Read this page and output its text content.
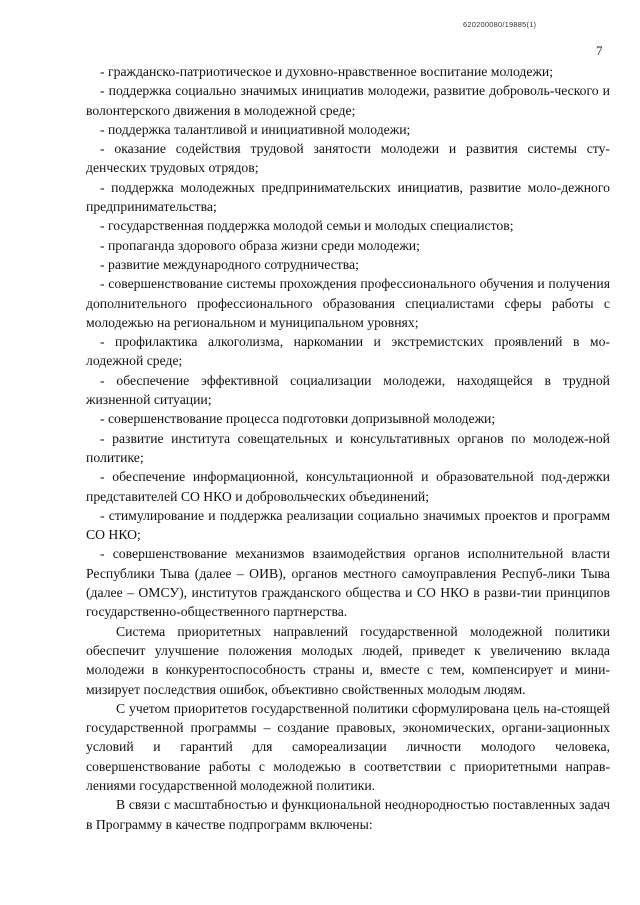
620200080/19885(1)
7

- гражданско-патриотическое и духовно-нравственное воспитание молодежи;

- поддержка социально значимых инициатив молодежи, развитие доброволь-ческого и волонтерского движения в молодежной среде;

- поддержка талантливой и инициативной молодежи;

- оказание содействия трудовой занятости молодежи и развития системы сту-денческих трудовых отрядов;

- поддержка молодежных предпринимательских инициатив, развитие моло-дежного предпринимательства;

- государственная поддержка молодой семьи и молодых специалистов;

- пропаганда здорового образа жизни среди молодежи;

- развитие международного сотрудничества;

- совершенствование системы прохождения профессионального обучения и получения дополнительного профессионального образования специалистами сферы работы с молодежью на региональном и муниципальном уровнях;

- профилактика алкоголизма, наркомании и экстремистских проявлений в мо-лодежной среде;

- обеспечение эффективной социализации молодежи, находящейся в трудной жизненной ситуации;

- совершенствование процесса подготовки допризывной молодежи;

- развитие института совещательных и консультативных органов по молодеж-ной политике;

- обеспечение информационной, консультационной и образовательной под-держки представителей СО НКО и добровольческих объединений;

- стимулирование и поддержка реализации социально значимых проектов и программ СО НКО;

- совершенствование механизмов взаимодействия органов исполнительной власти Республики Тыва (далее – ОИВ), органов местного самоуправления Респуб-лики Тыва (далее – ОМСУ), институтов гражданского общества и СО НКО в разви-тии принципов государственно-общественного партнерства.

Система приоритетных направлений государственной молодежной политики обеспечит улучшение положения молодых людей, приведет к увеличению вклада молодежи в конкурентоспособность страны и, вместе с тем, компенсирует и мини-мизирует последствия ошибок, объективно свойственных молодым людям.

С учетом приоритетов государственной политики сформулирована цель на-стоящей государственной программы – создание правовых, экономических, органи-зационных условий и гарантий для самореализации личности молодого человека, совершенствование работы с молодежью в соответствии с приоритетными направ-лениями государственной молодежной политики.

В связи с масштабностью и функциональной неоднородностью поставленных задач в Программу в качестве подпрограмм включены:
